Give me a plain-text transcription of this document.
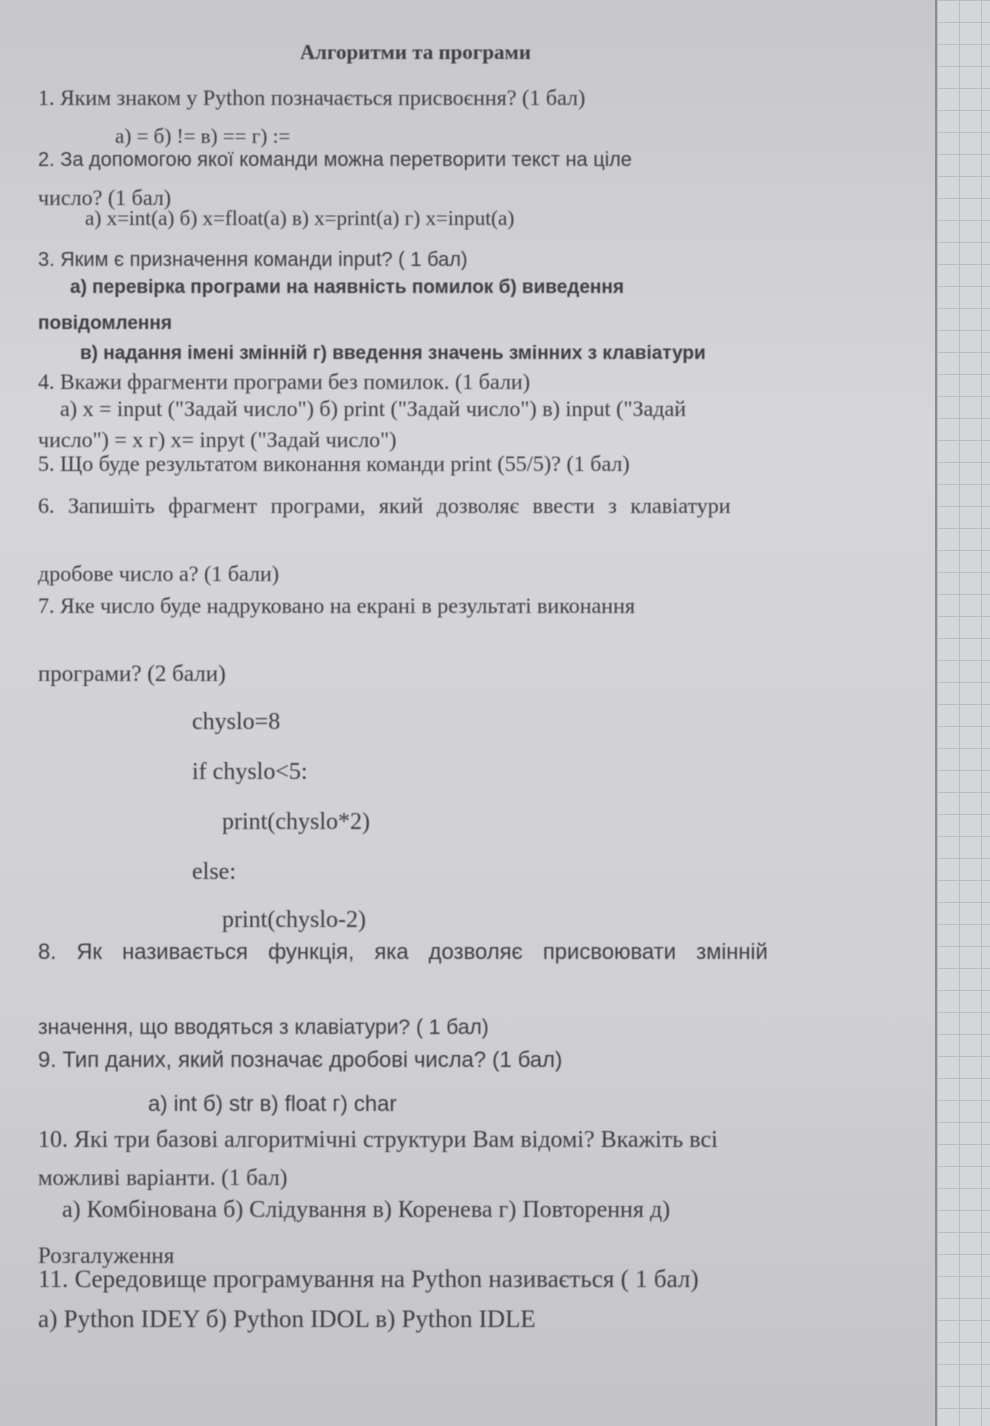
Алгоритми та програми
1. Яким знаком у Python позначається присвоєння? (1 бал)
а) = б) != в) == г) :=
2. За допомогою якої команди можна перетворити текст на ціле
число? (1 бал)
а) x=int(a) б) x=float(a) в) x=print(a) г) x=input(a)
3. Яким є призначення команди input? ( 1 бал)
а) перевірка програми на наявність помилок б) виведення
повідомлення
в) надання імені змінній г) введення значень змінних з клавіатури
4. Вкажи фрагменти програми без помилок. (1 бали)
а) x = input ("Задай число") б) print ("Задай число") в) input ("Задай
число") = x г) x= inpyt ("Задай число")
5. Що буде результатом виконання команди print (55/5)? (1 бал)
6. Запишіть фрагмент програми, який дозволяє ввести з клавіатури
дробове число а? (1 бали)
7. Яке число буде надруковано на екрані в результаті виконання
програми? (2 бали)
chyslo=8
if chyslo<5:
print(chyslo*2)
else:
print(chyslo-2)
8. Як називається функція, яка дозволяє присвоювати змінній
значення, що вводяться з клавіатури? ( 1 бал)
9. Тип даних, який позначає дробові числа? (1 бал)
а) int б) str в) float г) char
10. Які три базові алгоритмічні структури Вам відомі? Вкажіть всі
можливі варіанти. (1 бал)
а) Комбінована б) Слідування в) Коренева г) Повторення д)
Розгалуження
11. Середовище програмування на Python називається ( 1 бал)
а) Python IDEY б) Python IDOL в) Python IDLE
